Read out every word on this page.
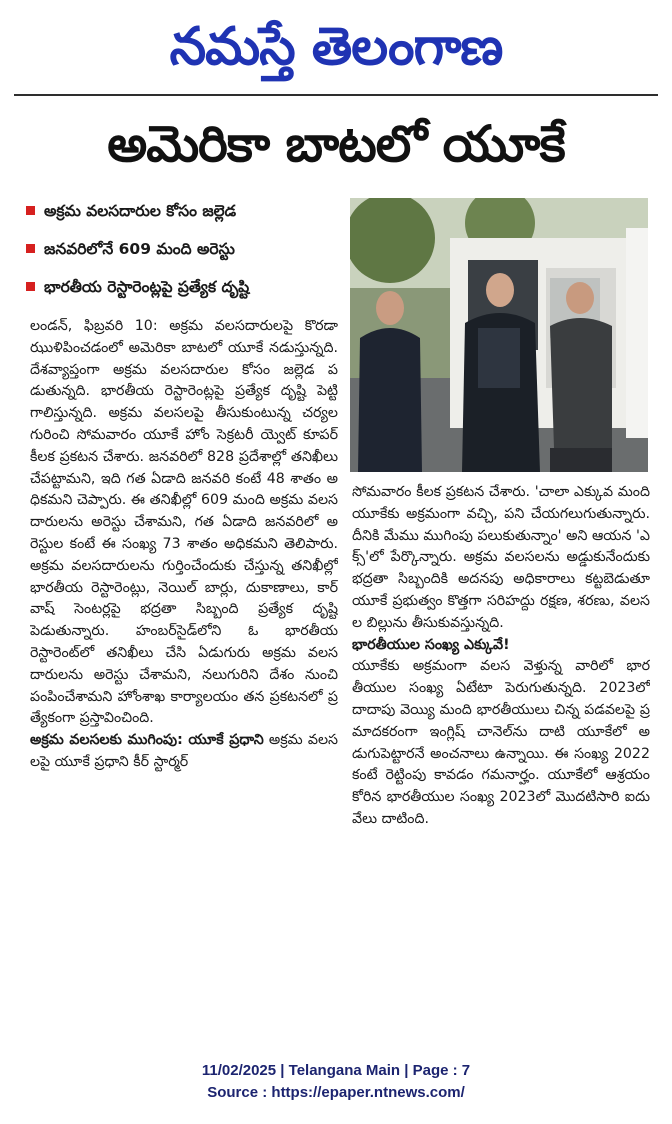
నమస్తే తెలంగాణ
అమెరికా బాటలో యూకే
అక్రమ వలసదారుల కోసం జల్లెడ
జనవరిలోనే 609 మంది అరెస్టు
భారతీయ రెస్టారెంట్లపై ప్రత్యేక దృష్టి

లండన్, ఫిబ్రవరి 10: అక్రమ వలసదారులపై కొరడా ఝుళిపించడంలో అమెరికా బాటలో యూకే నడుస్తున్నది. దేశవ్యాప్తంగా అక్రమ వలసదారుల కోసం జల్లెడ పడుతున్నది. భారతీయ రెస్టారెంట్లపై ప్రత్యేక దృష్టి పెట్టి గాలిస్తున్నది. అక్రమ వలసలపై తీసుకుంటున్న చర్యల గురించి సోమవారం యూకే హోం సెక్రటరీ య్వెట్ కూపర్ కీలక ప్రకటన చేశారు. జనవరిలో 828 ప్రదేశాల్లో తనిఖీలు చేపట్టామని, ఇది గత ఏడాది జనవరి కంటే 48 శాతం అధికమని చెప్పారు. ఈ తనిఖీల్లో 609 మంది అక్రమ వలసదారులను అరెస్టు చేశామని, గత ఏడాది జనవరిలో అరెస్టుల కంటే ఈ సంఖ్య 73 శాతం అధికమని తెలిపారు. అక్రమ వలసదారులను గుర్తించేందుకు చేస్తున్న తనిఖీల్లో భారతీయ రెస్టారెంట్లు, నెయిల్ బార్లు, దుకాణాలు, కార్ వాష్ సెంటర్లపై భద్రతా సిబ్బంది ప్రత్యేక దృష్టి పెడుతున్నారు. హంబర్‌సైడ్‌లోని ఓ భారతీయ రెస్టారెంట్‌లో తనిఖీలు చేసి ఏడుగురు అక్రమ వలసదారులను అరెస్టు చేశామని, నలుగురిని దేశం నుంచి పంపించేశామని హోంశాఖ కార్యాలయం తన ప్రకటనలో ప్రత్యేకంగా ప్రస్తావించింది.

అక్రమ వలసలకు ముగింపు: యూకే ప్రధాని అక్రమ వలసలపై యూకే ప్రధాని కీర్ స్టార్మర్

సోమవారం కీలక ప్రకటన చేశారు. 'చాలా ఎక్కువ మంది యూకేకు అక్రమంగా వచ్చి, పని చేయగలుగుతున్నారు. దీనికి మేము ముగింపు పలుకుతున్నాం' అని ఆయన 'ఎక్స్'లో పేర్కొన్నారు. అక్రమ వలసలను అడ్డుకునేందుకు భద్రతా సిబ్బందికి అదనపు అధికారాలు కట్టబెడుతూ యూకే ప్రభుత్వం కొత్తగా సరిహద్దు రక్షణ, శరణు, వలసల బిల్లును తీసుకువస్తున్నది.

భారతీయుల సంఖ్య ఎక్కువే!

యూకేకు అక్రమంగా వలస వెళ్తున్న వారిలో భారతీయుల సంఖ్య ఏటేటా పెరుగుతున్నది. 2023లో దాదాపు వెయ్యి మంది భారతీయులు చిన్న పడవలపై ప్రమాదకరంగా ఇంగ్లిష్ చానెల్‌ను దాటి యూకేలో అడుగుపెట్టారనే అంచనాలు ఉన్నాయి. ఈ సంఖ్య 2022 కంటే రెట్టింపు కావడం గమనార్హం. యూకేలో ఆశ్రయం కోరిన భారతీయుల సంఖ్య 2023లో మొదటిసారి ఐదు వేలు దాటింది.

11/02/2025 | Telangana Main | Page : 7
Source : https://epaper.ntnews.com/
